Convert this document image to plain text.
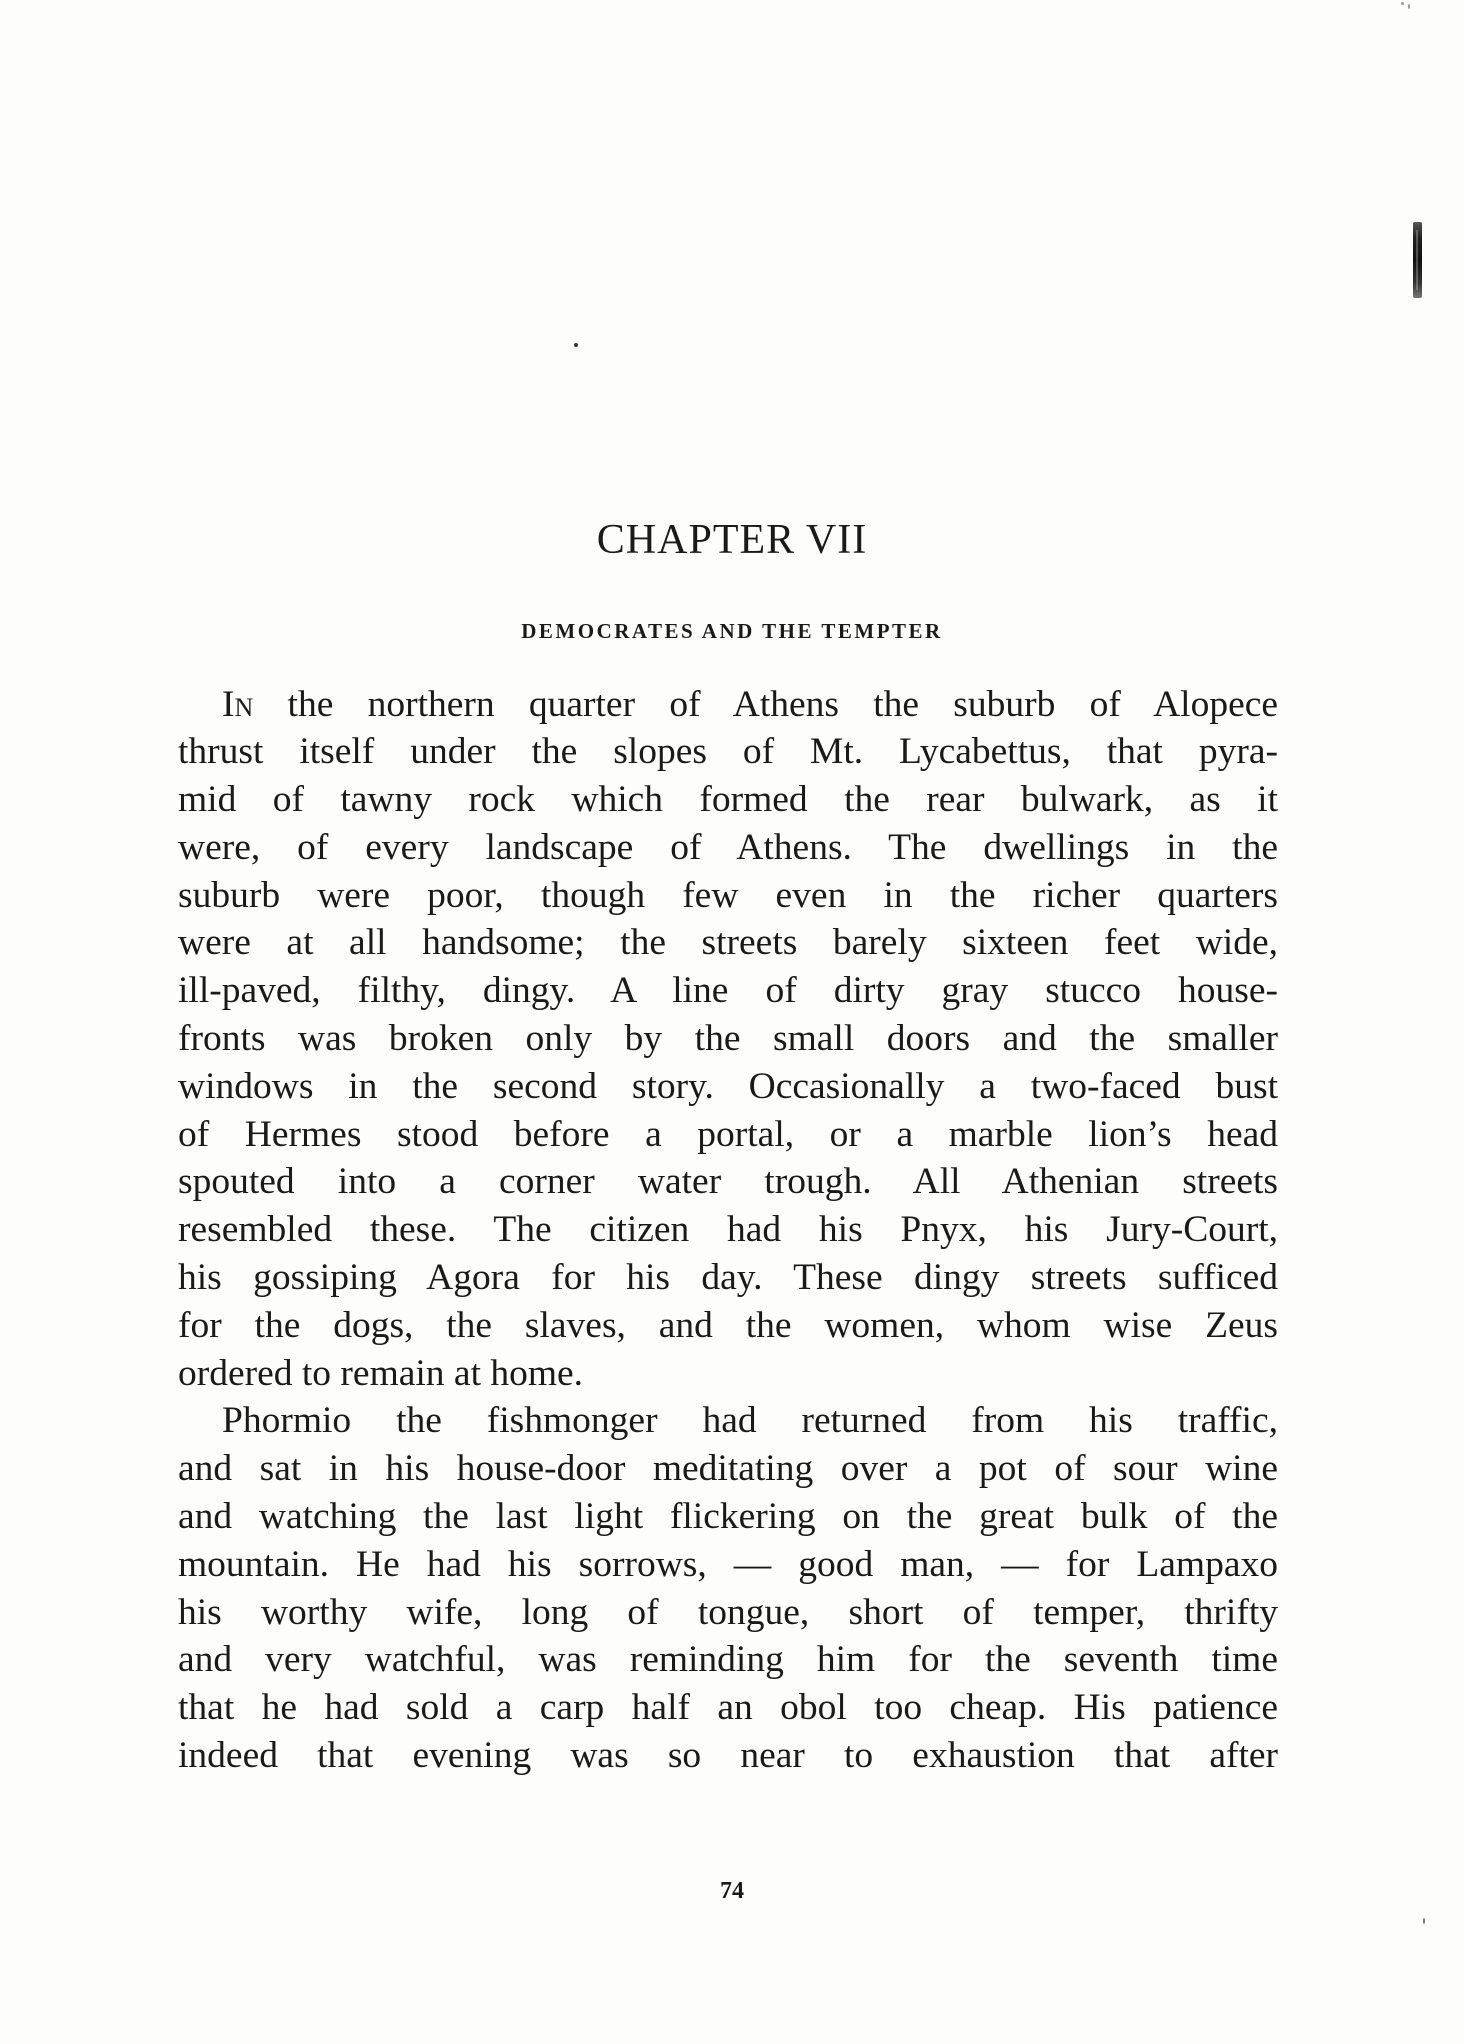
CHAPTER VII
DEMOCRATES AND THE TEMPTER
In the northern quarter of Athens the suburb of Alopece
thrust itself under the slopes of Mt. Lycabettus, that pyra-
mid of tawny rock which formed the rear bulwark, as it
were, of every landscape of Athens. The dwellings in the
suburb were poor, though few even in the richer quarters
were at all handsome; the streets barely sixteen feet wide,
ill-paved, filthy, dingy. A line of dirty gray stucco house-
fronts was broken only by the small doors and the smaller
windows in the second story. Occasionally a two-faced bust
of Hermes stood before a portal, or a marble lion’s head
spouted into a corner water trough. All Athenian streets
resembled these. The citizen had his Pnyx, his Jury-Court,
his gossiping Agora for his day. These dingy streets sufficed
for the dogs, the slaves, and the women, whom wise Zeus
ordered to remain at home.
Phormio the fishmonger had returned from his traffic,
and sat in his house-door meditating over a pot of sour wine
and watching the last light flickering on the great bulk of the
mountain. He had his sorrows, — good man, — for Lampaxo
his worthy wife, long of tongue, short of temper, thrifty
and very watchful, was reminding him for the seventh time
that he had sold a carp half an obol too cheap. His patience
indeed that evening was so near to exhaustion that after
74
